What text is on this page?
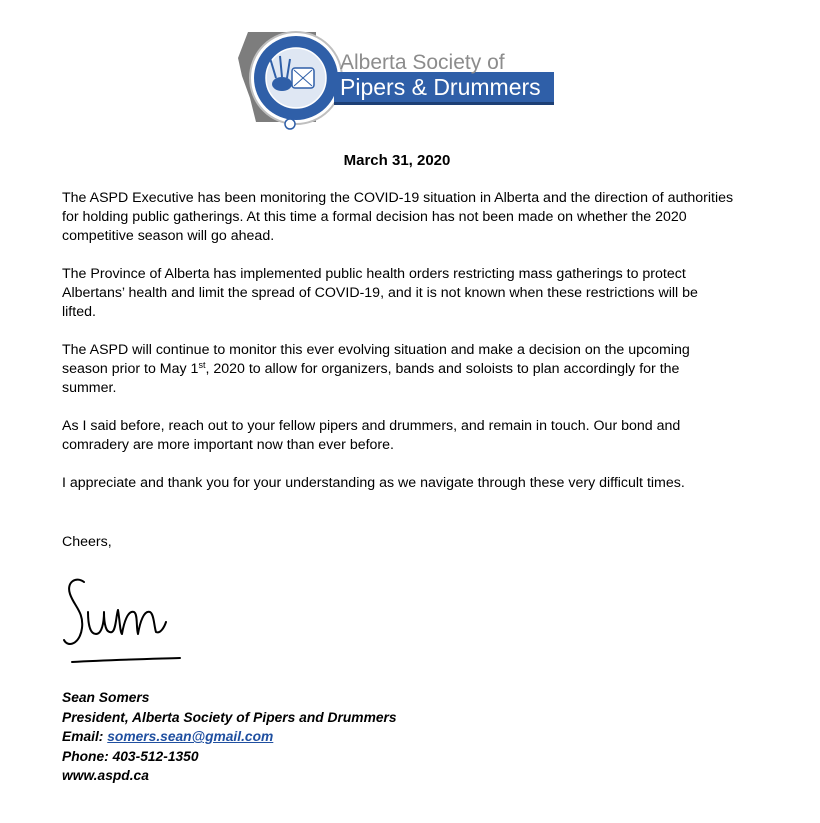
Alberta Society of
Pipers & Drummers
March 31, 2020

The ASPD Executive has been monitoring the COVID-19 situation in Alberta and the direction of authorities for holding public gatherings. At this time a formal decision has not been made on whether the 2020 competitive season will go ahead.

The Province of Alberta has implemented public health orders restricting mass gatherings to protect Albertans’ health and limit the spread of COVID-19, and it is not known when these restrictions will be lifted.

The ASPD will continue to monitor this ever evolving situation and make a decision on the upcoming season prior to May 1st, 2020 to allow for organizers, bands and soloists to plan accordingly for the summer.

As I said before, reach out to your fellow pipers and drummers, and remain in touch. Our bond and comradery are more important now than ever before.

I appreciate and thank you for your understanding as we navigate through these very difficult times.

Cheers,
Sean Somers
President, Alberta Society of Pipers and Drummers
Email: somers.sean@gmail.com
Phone: 403-512-1350
www.aspd.ca
